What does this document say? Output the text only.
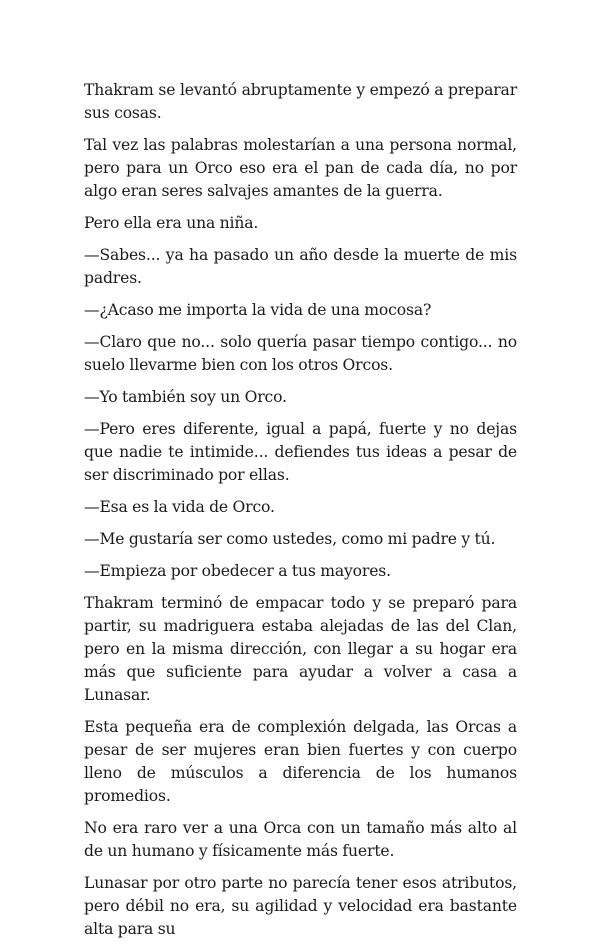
Thakram se levantó abruptamente y empezó a preparar sus cosas.

Tal vez las palabras molestarían a una persona normal, pero para un Orco eso era el pan de cada día, no por algo eran seres salvajes amantes de la guerra.

Pero ella era una niña.

—Sabes... ya ha pasado un año desde la muerte de mis padres.

—¿Acaso me importa la vida de una mocosa?

—Claro que no... solo quería pasar tiempo contigo... no suelo llevarme bien con los otros Orcos.

—Yo también soy un Orco.

—Pero eres diferente, igual a papá, fuerte y no dejas que nadie te intimide... defiendes tus ideas a pesar de ser discriminado por ellas.

—Esa es la vida de Orco.

—Me gustaría ser como ustedes, como mi padre y tú.

—Empieza por obedecer a tus mayores.

Thakram terminó de empacar todo y se preparó para partir, su madriguera estaba alejadas de las del Clan, pero en la misma dirección, con llegar a su hogar era más que suficiente para ayudar a volver a casa a Lunasar.

Esta pequeña era de complexión delgada, las Orcas a pesar de ser mujeres eran bien fuertes y con cuerpo lleno de músculos a diferencia de los humanos promedios.

No era raro ver a una Orca con un tamaño más alto al de un humano y físicamente más fuerte.

Lunasar por otro parte no parecía tener esos atributos, pero débil no era, su agilidad y velocidad era bastante alta para su
